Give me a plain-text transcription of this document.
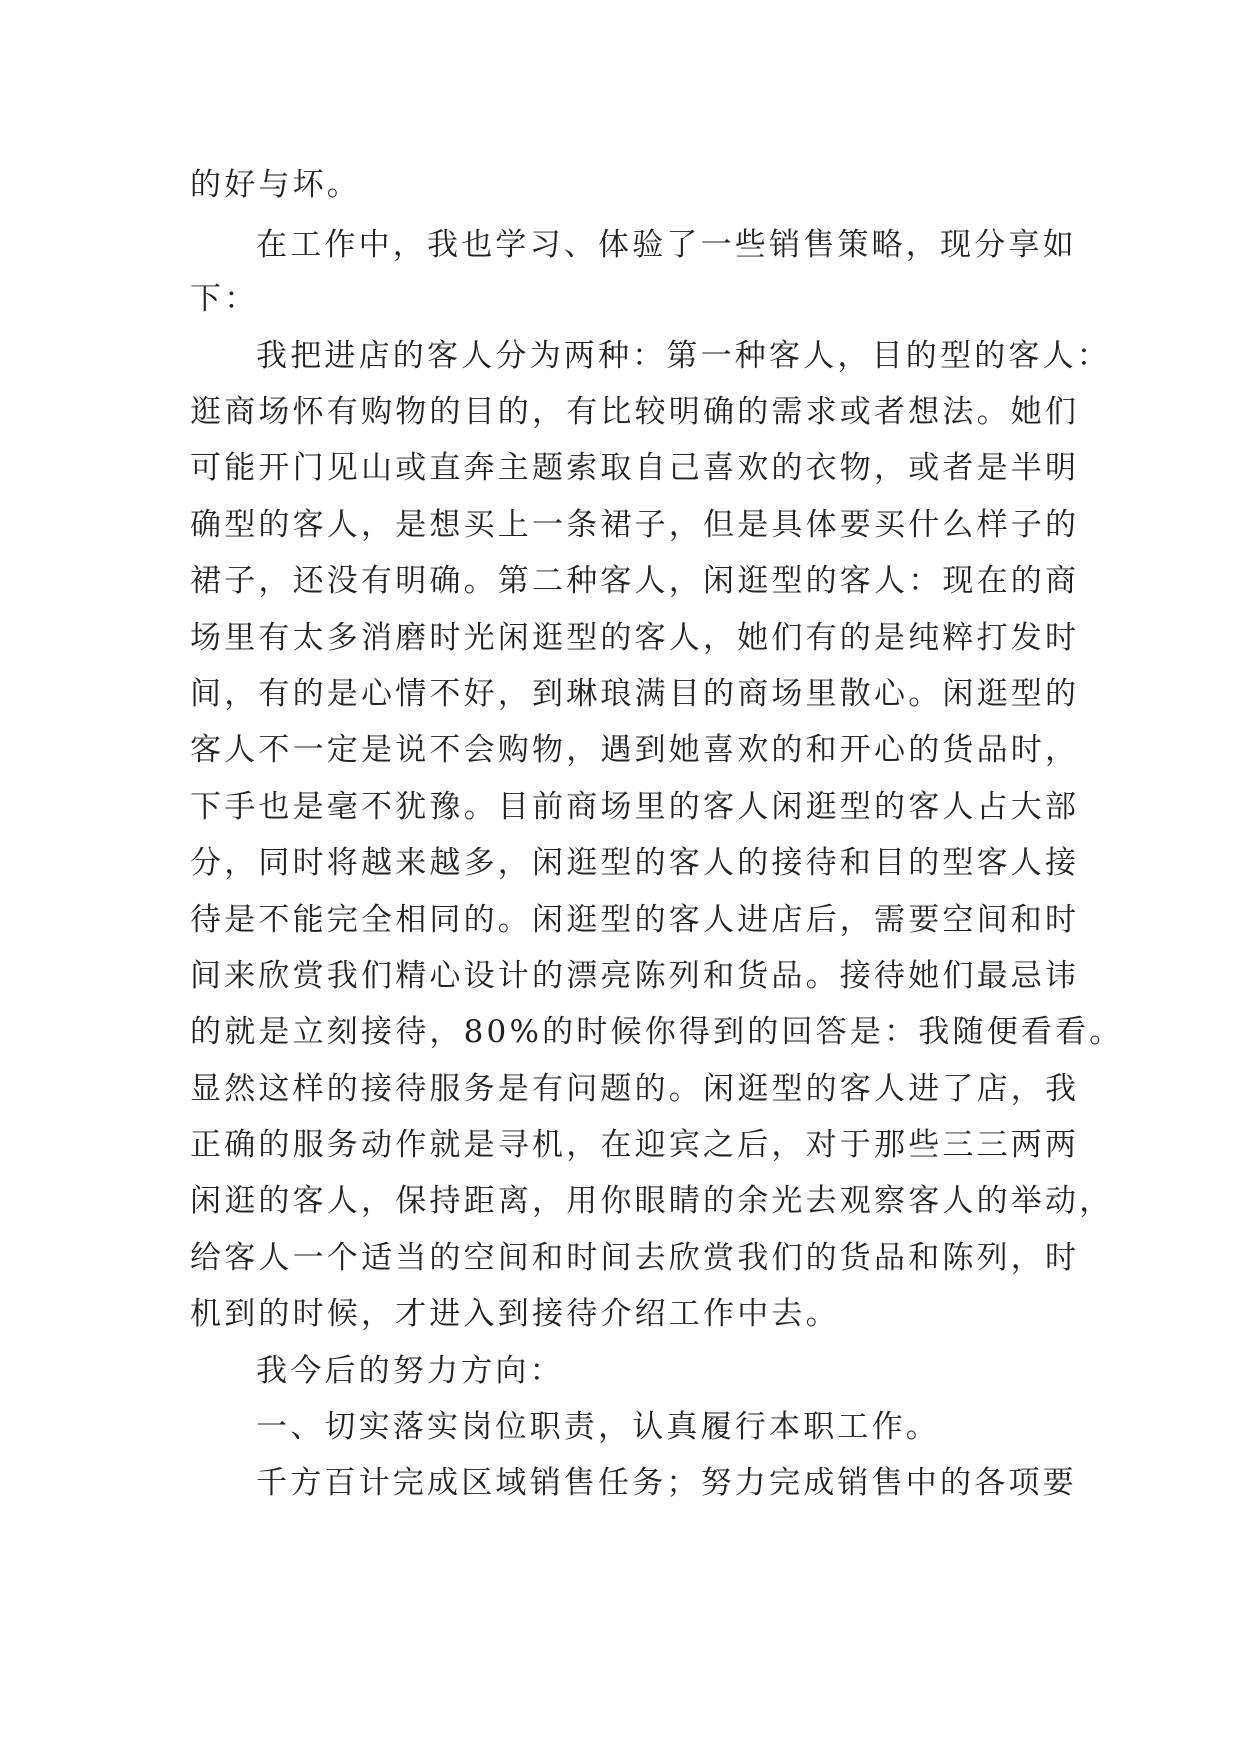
的好与坏。
在工作中，我也学习、体验了一些销售策略，现分享如
下：
我把进店的客人分为两种：第一种客人，目的型的客人：
逛商场怀有购物的目的，有比较明确的需求或者想法。她们
可能开门见山或直奔主题索取自己喜欢的衣物，或者是半明
确型的客人，是想买上一条裙子，但是具体要买什么样子的
裙子，还没有明确。第二种客人，闲逛型的客人：现在的商
场里有太多消磨时光闲逛型的客人，她们有的是纯粹打发时
间，有的是心情不好，到琳琅满目的商场里散心。闲逛型的
客人不一定是说不会购物，遇到她喜欢的和开心的货品时，
下手也是毫不犹豫。目前商场里的客人闲逛型的客人占大部
分，同时将越来越多，闲逛型的客人的接待和目的型客人接
待是不能完全相同的。闲逛型的客人进店后，需要空间和时
间来欣赏我们精心设计的漂亮陈列和货品。接待她们最忌讳
的就是立刻接待，80%的时候你得到的回答是：我随便看看。
显然这样的接待服务是有问题的。闲逛型的客人进了店，我
正确的服务动作就是寻机，在迎宾之后，对于那些三三两两
闲逛的客人，保持距离，用你眼睛的余光去观察客人的举动，
给客人一个适当的空间和时间去欣赏我们的货品和陈列，时
机到的时候，才进入到接待介绍工作中去。
我今后的努力方向：
一、切实落实岗位职责，认真履行本职工作。
千方百计完成区域销售任务；努力完成销售中的各项要
